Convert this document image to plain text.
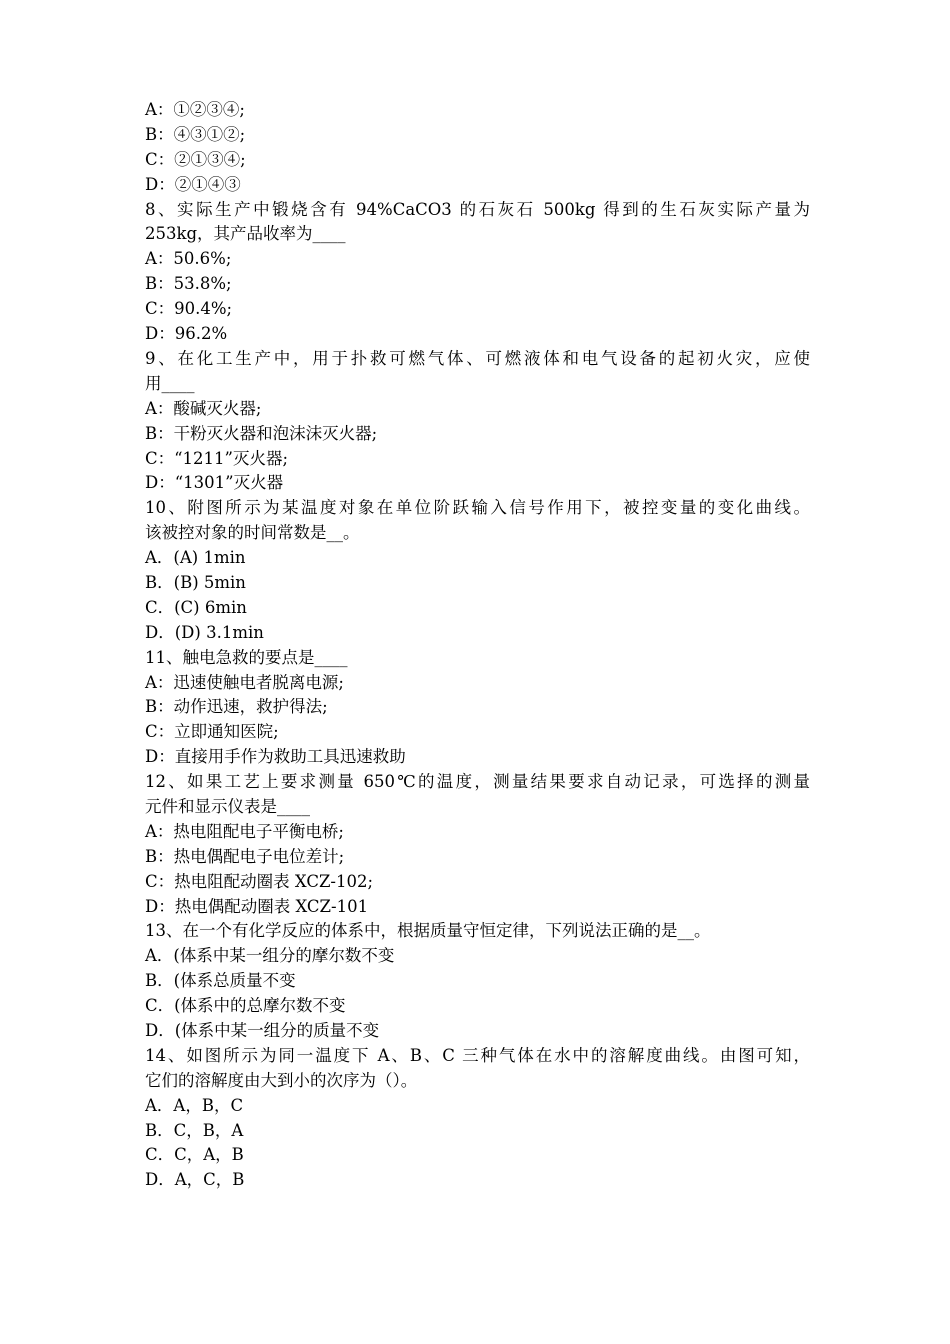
A：①②③④;
B：④③①②;
C：②①③④;
D：②①④③
8、实际生产中锻烧含有 94%CaCO3 的石灰石 500kg 得到的生石灰实际产量为
253kg，其产品收率为____
A：50.6%;
B：53.8%;
C：90.4%;
D：96.2%
9、在化工生产中，用于扑救可燃气体、可燃液体和电气设备的起初火灾，应使
用____
A：酸碱灭火器;
B：干粉灭火器和泡沫沫灭火器;
C：“1211”灭火器;
D：“1301”灭火器
10、附图所示为某温度对象在单位阶跃输入信号作用下，被控变量的变化曲线。
该被控对象的时间常数是__。
A．(A) 1min
B．(B) 5min
C．(C) 6min
D．(D) 3.1min
11、触电急救的要点是____
A：迅速使触电者脱离电源;
B：动作迅速，救护得法;
C：立即通知医院;
D：直接用手作为救助工具迅速救助
12、如果工艺上要求测量 650℃的温度，测量结果要求自动记录，可选择的测量
元件和显示仪表是____
A：热电阻配电子平衡电桥;
B：热电偶配电子电位差计;
C：热电阻配动圈表 XCZ-102;
D：热电偶配动圈表 XCZ-101
13、在一个有化学反应的体系中，根据质量守恒定律，下列说法正确的是__。
A．(体系中某一组分的摩尔数不变
B．(体系总质量不变
C．(体系中的总摩尔数不变
D．(体系中某一组分的质量不变
14、如图所示为同一温度下 A、B、C 三种气体在水中的溶解度曲线。由图可知，
它们的溶解度由大到小的次序为（）。
A．A，B，C
B．C，B，A
C．C，A，B
D．A，C，B
